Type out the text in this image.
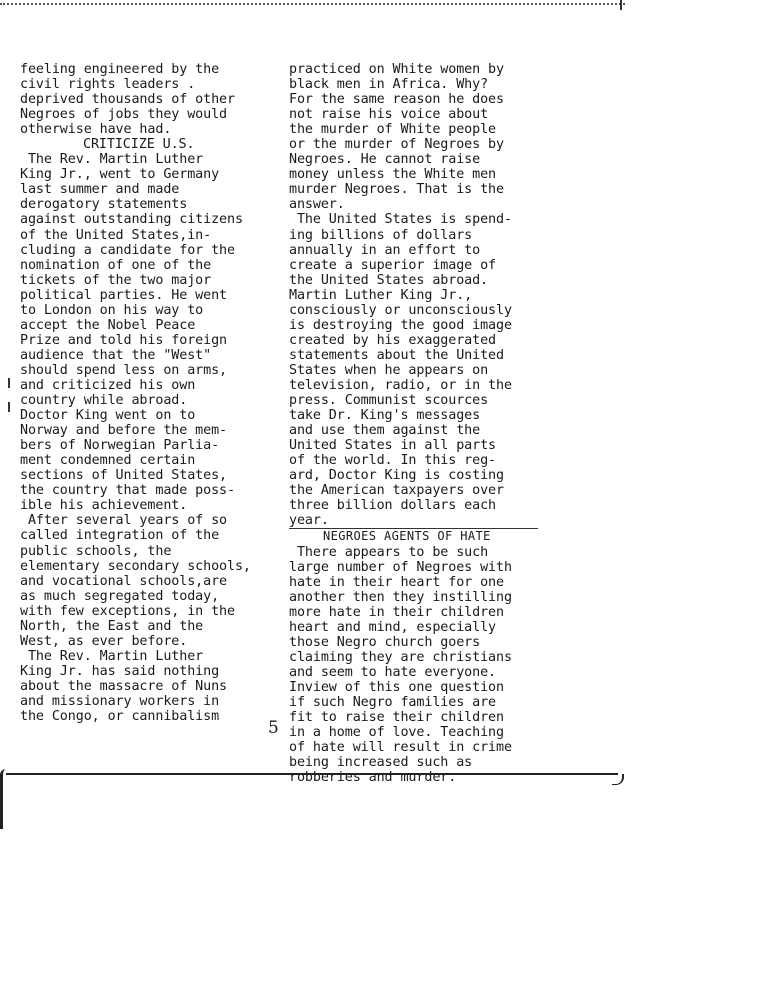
feeling engineered by the
civil rights leaders .
deprived thousands of other
Negroes of jobs they would
otherwise have had.
CRITICIZE U.S.
The Rev. Martin Luther
King Jr., went to Germany
last summer and made
derogatory statements
against outstanding citizens
of the United States,in-
cluding a candidate for the
nomination of one of the
tickets of the two major
political parties. He went
to London on his way to
accept the Nobel Peace
Prize and told his foreign
audience that the "West"
should spend less on arms,
and criticized his own
country while abroad.
Doctor King went on to
Norway and before the mem-
bers of Norwegian Parlia-
ment condemned certain
sections of United States,
the country that made poss-
ible his achievement.
After several years of so
called integration of the
public schools, the
elementary secondary schools,
and vocational schools,are
as much segregated today,
with few exceptions, in the
North, the East and the
West, as ever before.
The Rev. Martin Luther
King Jr. has said nothing
about the massacre of Nuns
and missionary workers in
the Congo, or cannibalism
practiced on White women by
black men in Africa. Why?
For the same reason he does
not raise his voice about
the murder of White people
or the murder of Negroes by
Negroes. He cannot raise
money unless the White men
murder Negroes. That is the
answer.
The United States is spend-
ing billions of dollars
annually in an effort to
create a superior image of
the United States abroad.
Martin Luther King Jr.,
consciously or unconsciously
is destroying the good image
created by his exaggerated
statements about the United
States when he appears on
television, radio, or in the
press. Communist scources
take Dr. King's messages
and use them against the
United States in all parts
of the world. In this reg-
ard, Doctor King is costing
the American taxpayers over
three billion dollars each
year.
NEGROES AGENTS OF HATE
There appears to be such
large number of Negroes with
hate in their heart for one
another then they instilling
more hate in their children
heart and mind, especially
those Negro church goers
claiming they are christians
and seem to hate everyone.
Inview of this one question
if such Negro families are
fit to raise their children
in a home of love. Teaching
of hate will result in crime
being increased such as
robberies and murder.
5
